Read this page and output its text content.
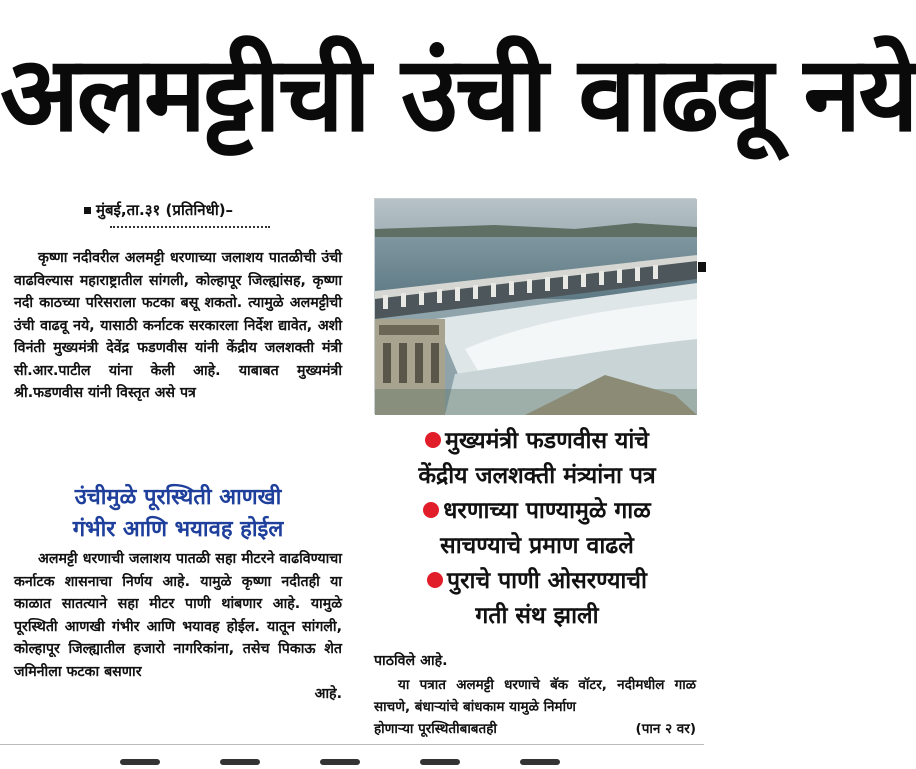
अलमट्टीची उंची वाढवू नये
मुंबई,ता.३१ (प्रतिनिधी)–

कृष्णा नदीवरील अलमट्टी धरणाच्या जलाशय पातळीची उंची वाढविल्यास महाराष्ट्रातील सांगली, कोल्हापूर जिल्ह्यांसह, कृष्णा नदी काठच्या परिसराला फटका बसू शकतो. त्यामुळे अलमट्टीची उंची वाढवू नये, यासाठी कर्नाटक सरकारला निर्देश द्यावेत, अशी विनंती मुख्यमंत्री देवेंद्र फडणवीस यांनी केंद्रीय जलशक्ती मंत्री सी.आर.पाटील यांना केली आहे. याबाबत मुख्यमंत्री श्री.फडणवीस यांनी विस्तृत असे पत्र

उंचीमुळे पूरस्थिती आणखी
गंभीर आणि भयावह होईल
अलमट्टी धरणाची जलाशय पातळी सहा मीटरने वाढविण्याचा कर्नाटक शासनाचा निर्णय आहे. यामुळे कृष्णा नदीतही या काळात सातत्याने सहा मीटर पाणी थांबणार आहे. यामुळे पूरस्थिती आणखी गंभीर आणि भयावह होईल. यातून सांगली, कोल्हापूर जिल्ह्यातील हजारो नागरिकांना, तसेच पिकाऊ शेत जमिनीला फटका बसणार
आहे.
मुख्यमंत्री फडणवीस यांचे
केंद्रीय जलशक्ती मंत्र्यांना पत्र
धरणाच्या पाण्यामुळे गाळ
साचण्याचे प्रमाण वाढले
पुराचे पाणी ओसरण्याची
गती संथ झाली
पाठविले आहे.
या पत्रात अलमट्टी धरणाचे बॅक वॉटर, नदीमधील गाळ साचणे, बंधाऱ्यांचे बांधकाम यामुळे निर्माण
होणाऱ्या पूरस्थितीबाबतही	(पान २ वर)
